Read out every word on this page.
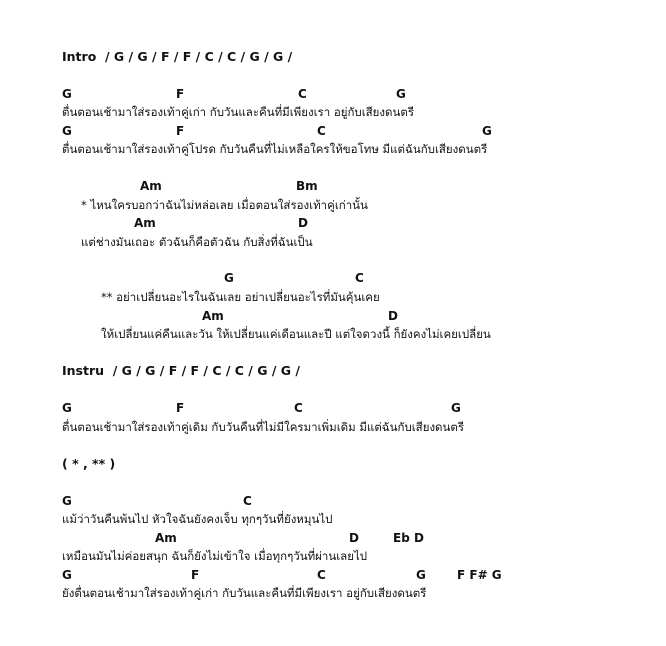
Intro  / G / G / F / F / C / C / G / G /
ตื่นตอนเช้ามาใส่รองเท้าคู่เก่า กับวันและคืนที่มีเพียงเรา อยู่กับเสียงดนตรี
ตื่นตอนเช้ามาใส่รองเท้าคู่โปรด กับวันคืนที่ไม่เหลือใครให้ขอโทษ มีแต่ฉันกับเสียงดนตรี
* ไหนใครบอกว่าฉันไม่หล่อเลย เมื่อตอนใส่รองเท้าคู่เก่านั้น
แต่ช่างมันเถอะ ตัวฉันก็คือตัวฉัน กับสิ่งที่ฉันเป็น
** อย่าเปลี่ยนอะไรในฉันเลย อย่าเปลี่ยนอะไรที่มันคุ้นเคย
ให้เปลี่ยนแค่คืนและวัน ให้เปลี่ยนแค่เดือนและปี แต่ใจดวงนี้ ก็ยังคงไม่เคยเปลี่ยน
Instru  / G / G / F / F / C / C / G / G /
ตื่นตอนเช้ามาใส่รองเท้าคู่เดิม กับวันคืนที่ไม่มีใครมาเพิ่มเดิม มีแต่ฉันกับเสียงดนตรี
( * , ** )
แม้ว่าวันคืนพ้นไป หัวใจฉันยังคงเจ็บ ทุกๆวันที่ยังหมุนไป
เหมือนมันไม่ค่อยสนุก ฉันก็ยังไม่เข้าใจ เมื่อทุกๆวันที่ผ่านเลยไป
ยังตื่นตอนเช้ามาใส่รองเท้าคู่เก่า กับวันและคืนที่มีเพียงเรา อยู่กับเสียงดนตรี
G	F	C	G
G	F	C	G
Am	Bm
Am	D
G	C
Am	D
G	F	C	G
G	C
Am	D	Eb D
G	F	C	G	F F# G
